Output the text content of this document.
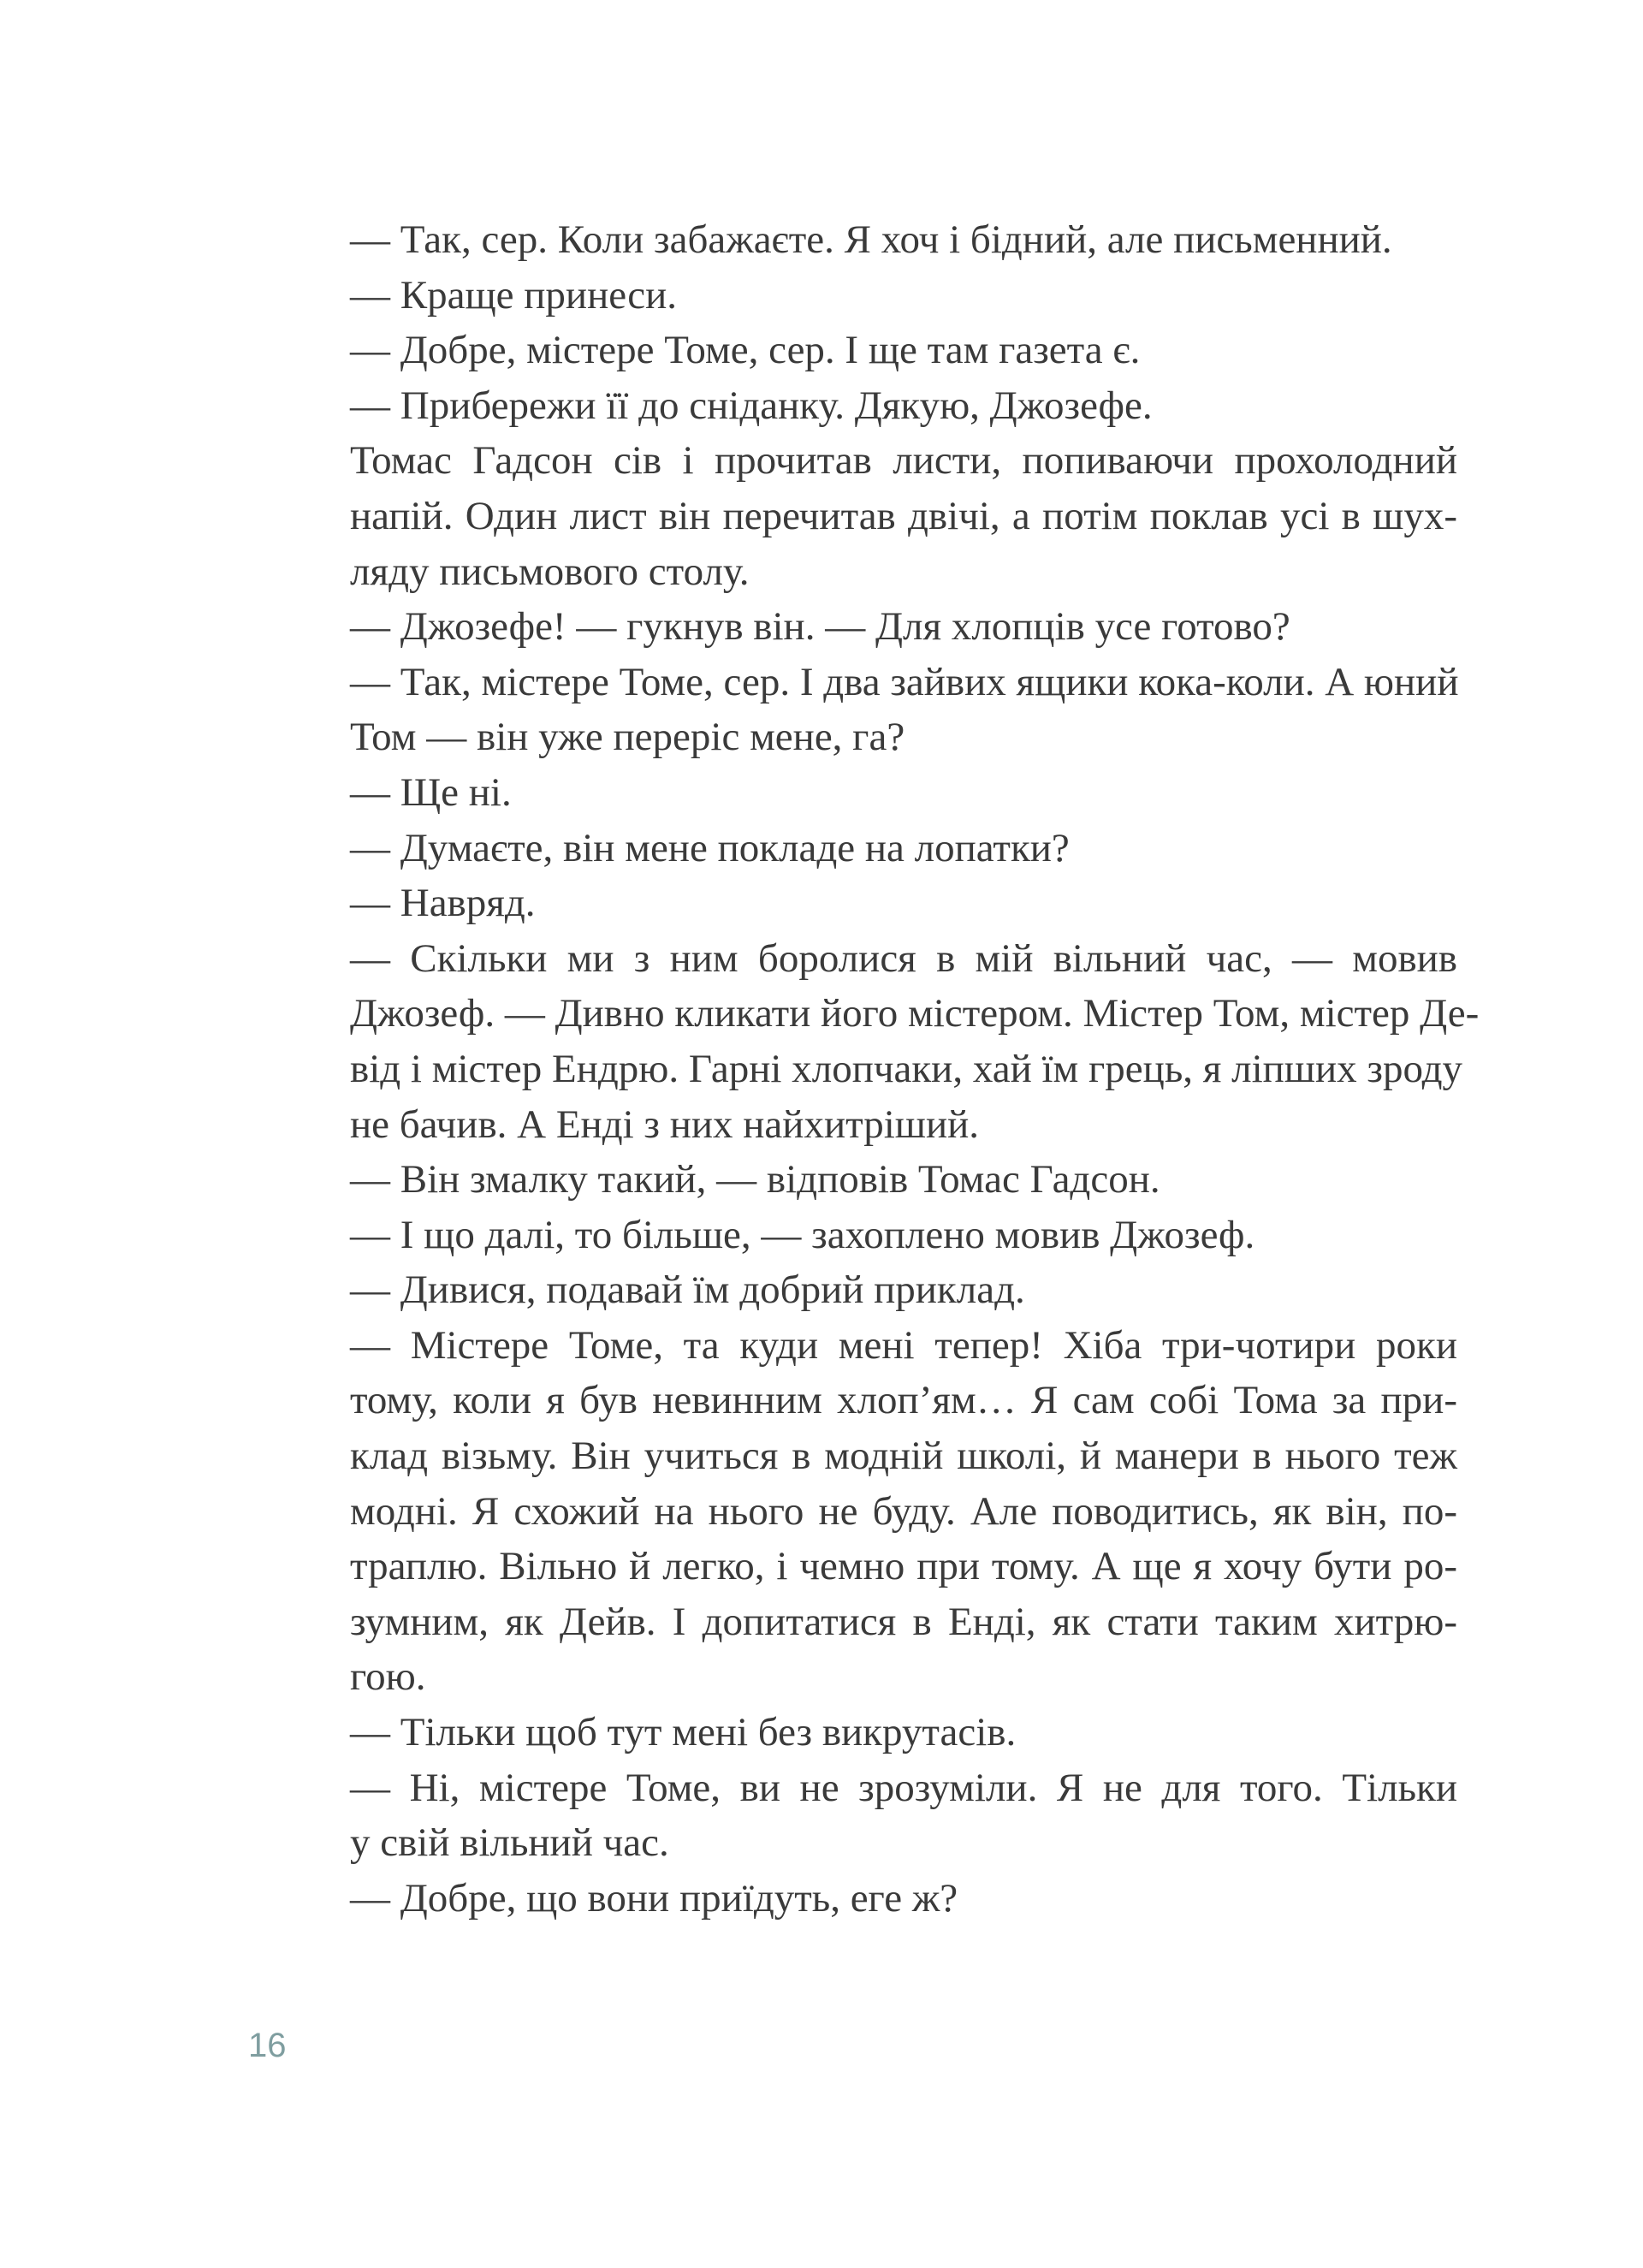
— Так, сер. Коли забажаєте. Я хоч і бідний, але письменний.

— Краще принеси.

— Добре, містере Томе, сер. І ще там газета є.

— Прибережи її до сніданку. Дякую, Джозефе.

Томас Гадсон сів і прочитав листи, попиваючи прохолодний
напій. Один лист він перечитав двічі, а потім поклав усі в шух-
ляду письмового столу.

— Джозефе! — гукнув він. — Для хлопців усе готово?

— Так, містере Томе, сер. І два зайвих ящики кока-коли. А юний
Том — він уже переріс мене, га?

— Ще ні.

— Думаєте, він мене покладе на лопатки?

— Навряд.

— Скільки ми з ним боролися в мій вільний час, — мовив
Джозеф. — Дивно кликати його містером. Містер Том, містер Де-
від і містер Ендрю. Гарні хлопчаки, хай їм грець, я ліпших зроду
не бачив. А Енді з них найхитріший.

— Він змалку такий, — відповів Томас Гадсон.

— І що далі, то більше, — захоплено мовив Джозеф.

— Дивися, подавай їм добрий приклад.

— Містере Томе, та куди мені тепер! Хіба три-чотири роки
тому, коли я був невинним хлоп’ям… Я сам собі Тома за при-
клад візьму. Він учиться в модній школі, й манери в нього теж
модні. Я схожий на нього не буду. Але поводитись, як він, по-
траплю. Вільно й легко, і чемно при тому. А ще я хочу бути ро-
зумним, як Дейв. І допитатися в Енді, як стати таким хитрю-
гою.

— Тільки щоб тут мені без викрутасів.

— Ні, містере Томе, ви не зрозуміли. Я не для того. Тільки
у свій вільний час.

— Добре, що вони приїдуть, еге ж?

16
